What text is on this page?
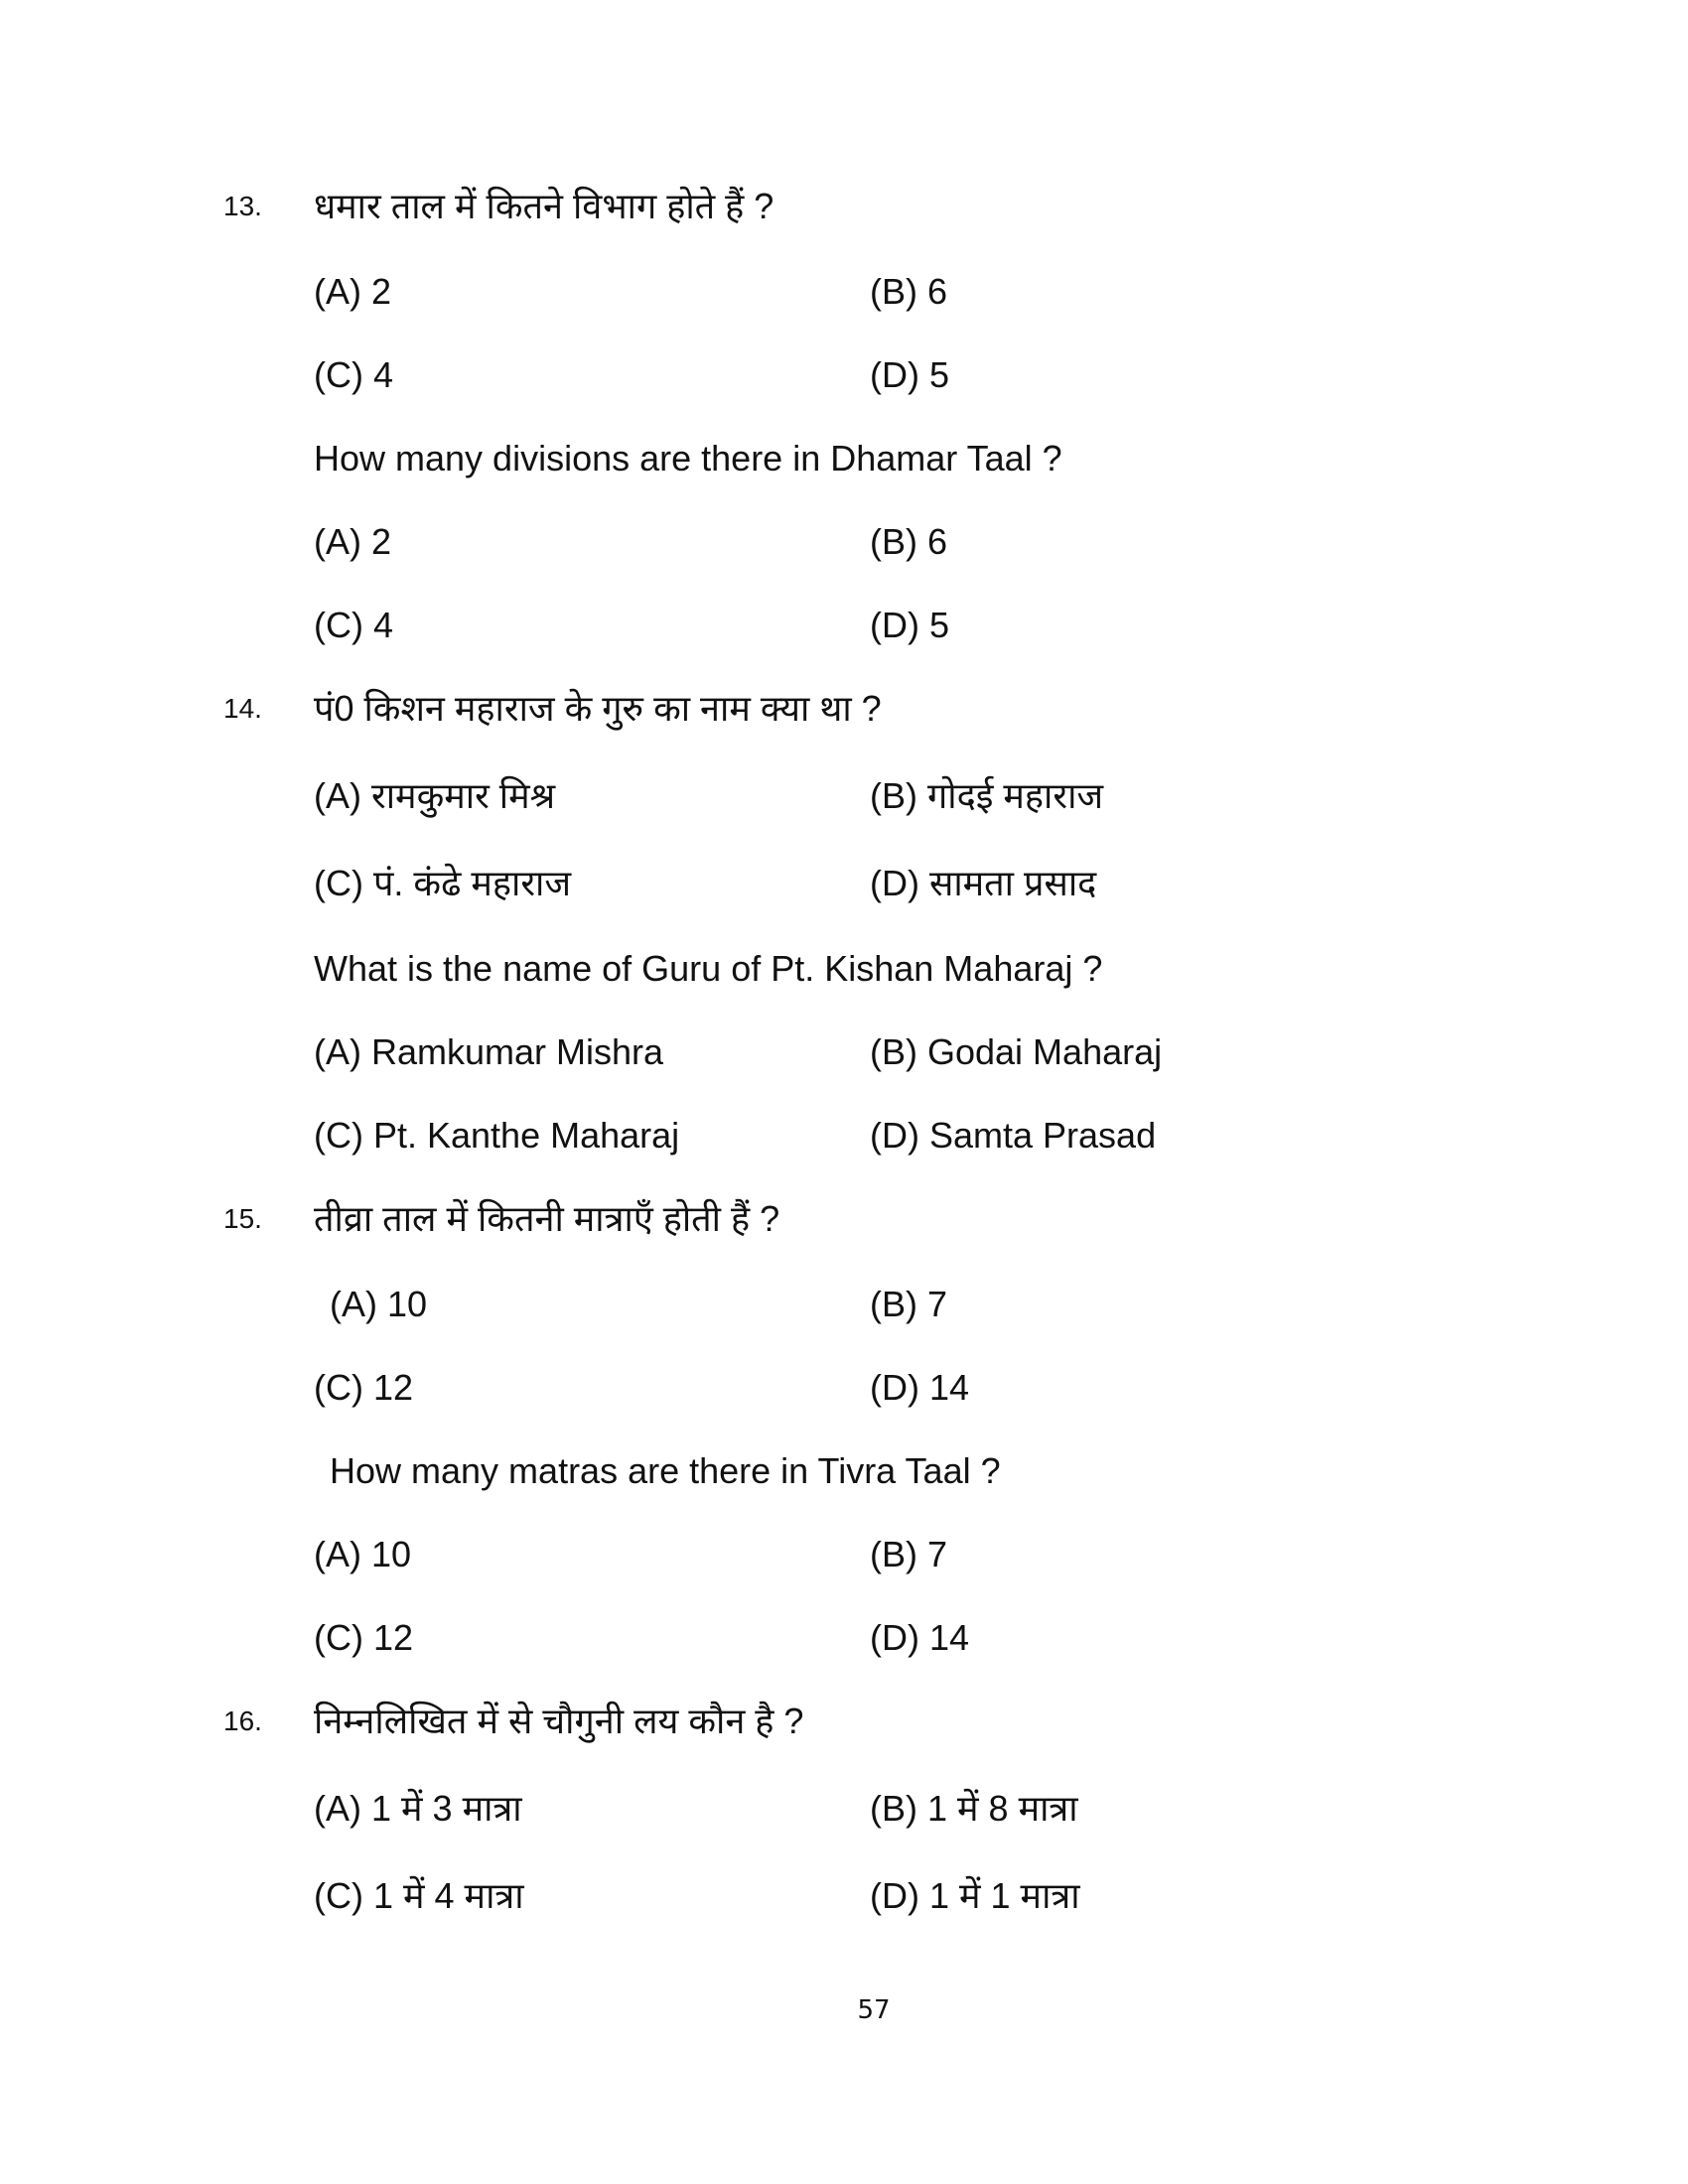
13. धमार ताल में कितने विभाग होते हैं ?
(A) 2	(B) 6
(C) 4	(D) 5
How many divisions are there in Dhamar Taal ?
(A) 2	(B) 6
(C) 4	(D) 5
14. पं0 किशन महाराज के गुरु का नाम क्या था ?
(A) रामकुमार मिश्र	(B) गोदई महाराज
(C) पं. कंढे महाराज	(D) सामता प्रसाद
What is the name of Guru of Pt. Kishan Maharaj ?
(A) Ramkumar Mishra	(B) Godai Maharaj
(C) Pt. Kanthe Maharaj	(D) Samta Prasad
15. तीव्रा ताल में कितनी मात्राएँ होती हैं ?
(A) 10	(B) 7
(C) 12	(D) 14
How many matras are there in Tivra Taal ?
(A) 10	(B) 7
(C) 12	(D) 14
16. निम्नलिखित में से चौगुनी लय कौन है ?
(A) 1 में 3 मात्रा	(B) 1 में 8 मात्रा
(C) 1 में 4 मात्रा	(D) 1 में 1 मात्रा
57
